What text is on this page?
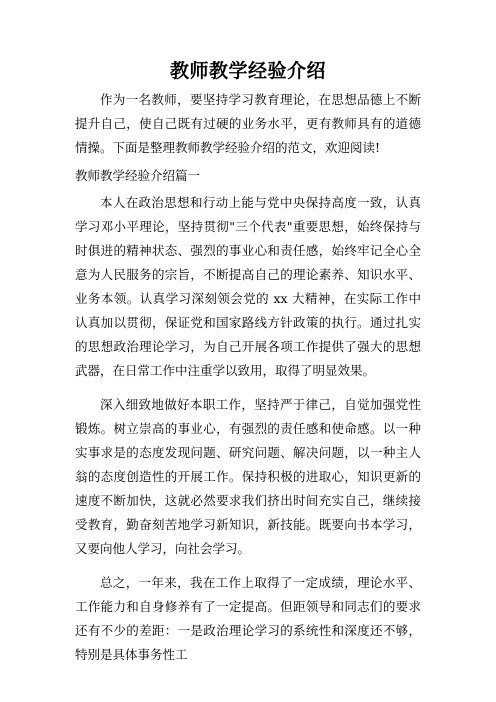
教师教学经验介绍

作为一名教师，要坚持学习教育理论，在思想品德上不断提升自己，使自己既有过硬的业务水平，更有教师具有的道德情操。下面是整理教师教学经验介绍的范文，欢迎阅读!

教师教学经验介绍篇一

本人在政治思想和行动上能与党中央保持高度一致，认真学习邓小平理论，坚持贯彻"三个代表"重要思想，始终保持与时俱进的精神状态、强烈的事业心和责任感，始终牢记全心全意为人民服务的宗旨，不断提高自己的理论素养、知识水平、业务本领。认真学习深刻领会党的 xx 大精神，在实际工作中认真加以贯彻，保证党和国家路线方针政策的执行。通过扎实的思想政治理论学习，为自己开展各项工作提供了强大的思想武器，在日常工作中注重学以致用，取得了明显效果。

深入细致地做好本职工作，坚持严于律己，自觉加强党性锻炼。树立崇高的事业心，有强烈的责任感和使命感。以一种实事求是的态度发现问题、研究问题、解决问题，以一种主人翁的态度创造性的开展工作。保持积极的进取心，知识更新的速度不断加快，这就必然要求我们挤出时间充实自己，继续接受教育，勤奋刻苦地学习新知识，新技能。既要向书本学习，又要向他人学习，向社会学习。

总之，一年来，我在工作上取得了一定成绩，理论水平、工作能力和自身修养有了一定提高。但距领导和同志们的要求还有不少的差距：一是政治理论学习的系统性和深度还不够，特别是具体事务性工
